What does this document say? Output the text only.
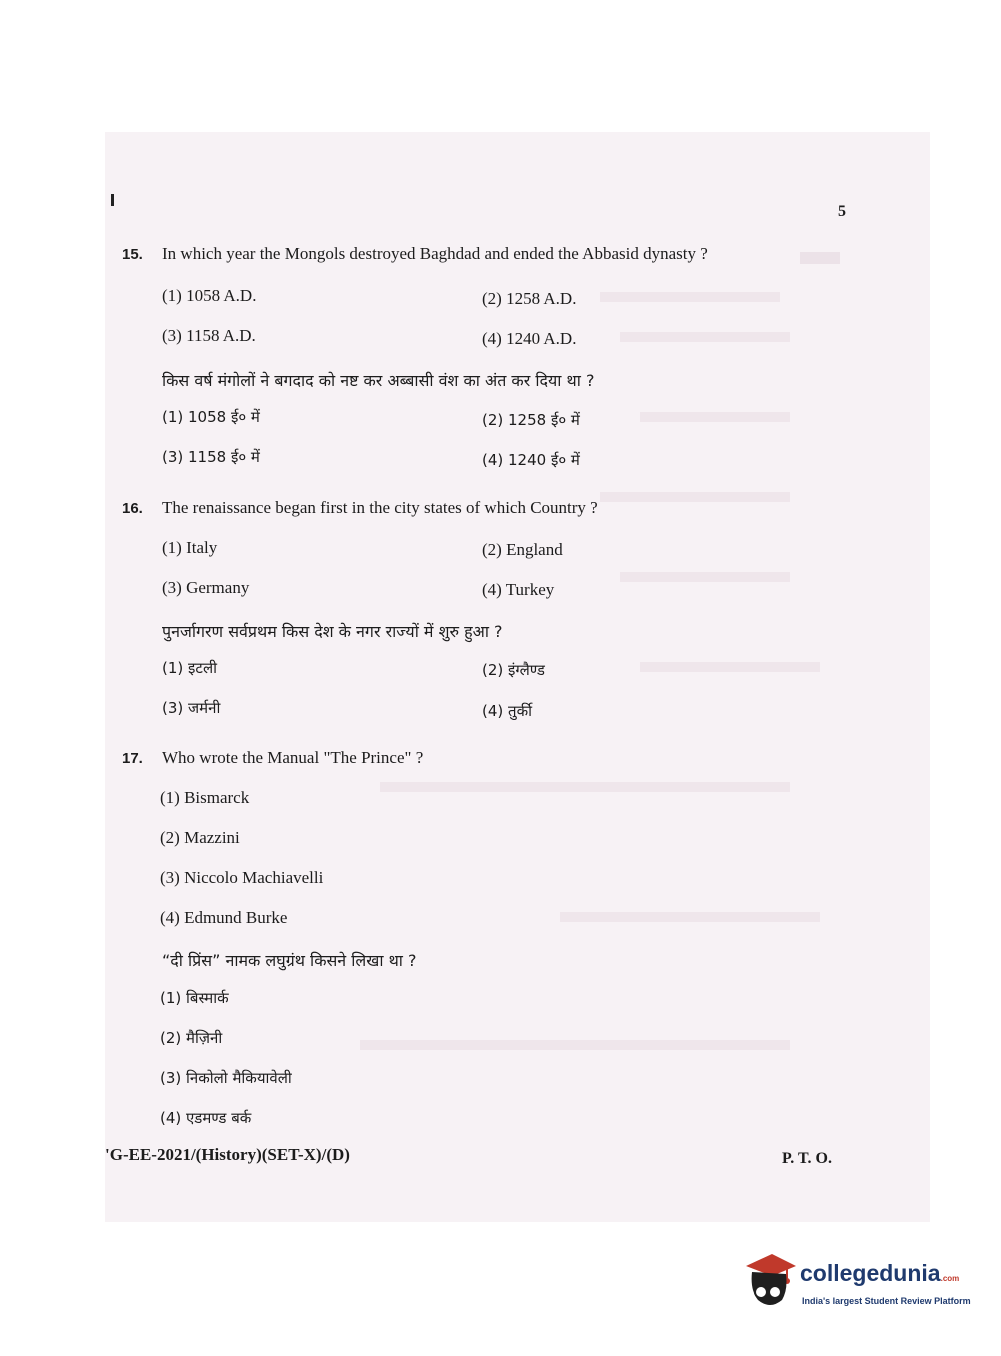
5
15. In which year the Mongols destroyed Baghdad and ended the Abbasid dynasty ?
(1) 1058 A.D.	(2) 1258 A.D.
(3) 1158 A.D.	(4) 1240 A.D.
किस वर्ष मंगोलों ने बगदाद को नष्ट कर अब्बासी वंश का अंत कर दिया था ?
(1) 1058 ई० में	(2) 1258 ई० में
(3) 1158 ई० में	(4) 1240 ई० में
16. The renaissance began first in the city states of which Country ?
(1) Italy	(2) England
(3) Germany	(4) Turkey
पुनर्जागरण सर्वप्रथम किस देश के नगर राज्यों में शुरु हुआ ?
(1) इटली	(2) इंग्लैण्ड
(3) जर्मनी	(4) तुर्की
17. Who wrote the Manual "The Prince" ?
(1) Bismarck
(2) Mazzini
(3) Niccolo Machiavelli
(4) Edmund Burke
“दी प्रिंस” नामक लघुग्रंथ किसने लिखा था ?
(1) बिस्मार्क
(2) मैज़िनी
(3) निकोलो मैकियावेली
(4) एडमण्ड बर्क
'G-EE-2021/(History)(SET-X)/(D)	P. T. O.
collegedunia.com
India's largest Student Review Platform
